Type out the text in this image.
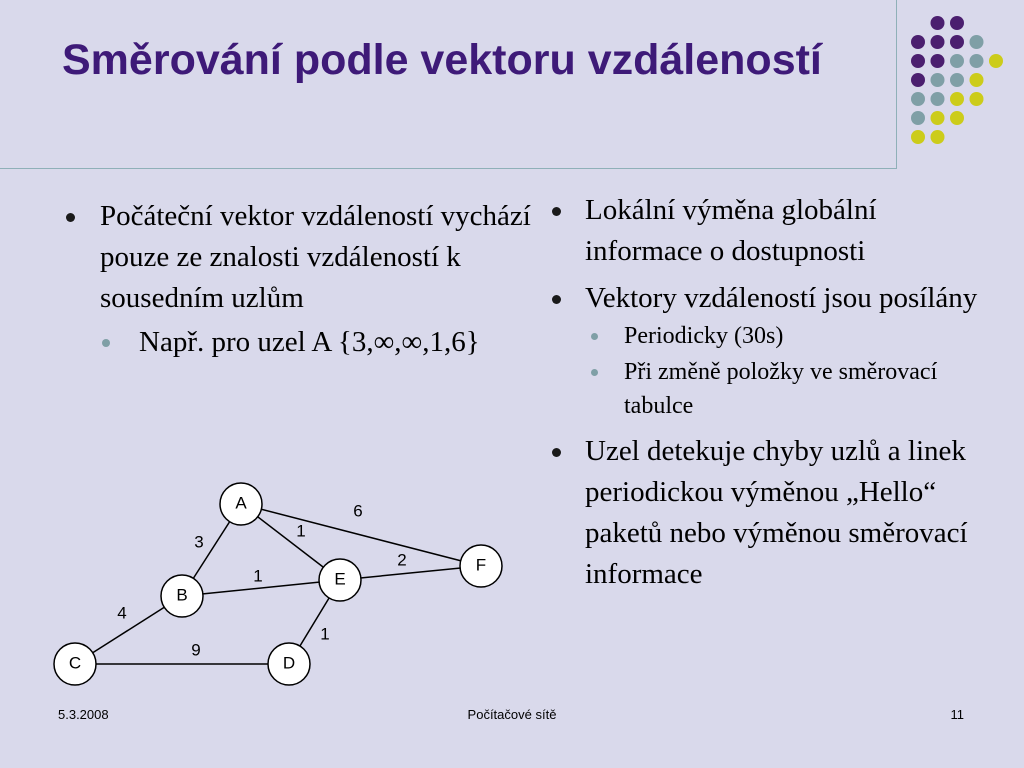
Směrování podle vektoru vzdáleností
Počáteční vektor vzdáleností vychází pouze ze znalosti vzdáleností k sousedním uzlům
Např. pro uzel A {3,∞,∞,1,6}
Lokální výměna globální informace o dostupnosti
Vektory vzdáleností jsou posílány
Periodicky (30s)
Při změně položky ve směrovací tabulce
Uzel detekuje chyby uzlů a linek periodickou výměnou „Hello“ paketů nebo výměnou směrovací informace
3
1
6
1
2
4
9
1
A
B
C	D
E
F
5.3.2008	Počítačové sítě	11
